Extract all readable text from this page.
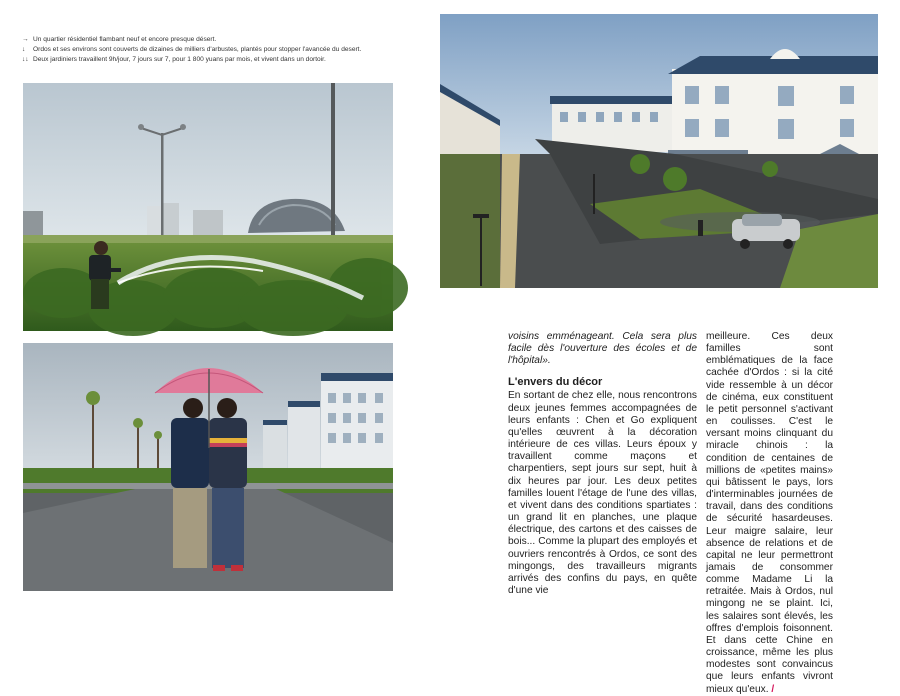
→ Un quartier résidentiel flambant neuf et encore presque désert.
↓ Ordos et ses environs sont couverts de dizaines de milliers d'arbustes, plantés pour stopper l'avancée du desert.
↓↓ Deux jardiniers travaillent 9h/jour, 7 jours sur 7, pour 1 800 yuans par mois, et vivent dans un dortoir.

voisins emménageant. Cela sera plus facile dès l'ouverture des écoles et de l'hôpital».

L'envers du décor

En sortant de chez elle, nous rencontrons deux jeunes femmes accompagnées de leurs enfants : Chen et Go expliquent qu'elles œuvrent à la décoration intérieure de ces villas. Leurs époux y travaillent comme maçons et charpentiers, sept jours sur sept, huit à dix heures par jour. Les deux petites familles louent l'étage de l'une des villas, et vivent dans des conditions spartiates : un grand lit en planches, une plaque électrique, des cartons et des caisses de bois... Comme la plupart des employés et ouvriers rencontrés à Ordos, ce sont des mingongs, des travailleurs migrants arrivés des confins du pays, en quête d'une vie

meilleure. Ces deux familles sont emblématiques de la face cachée d'Ordos : si la cité vide ressemble à un décor de cinéma, eux constituent le petit personnel s'activant en coulisses. C'est le versant moins clinquant du miracle chinois : la condition de centaines de millions de «petites mains» qui bâtissent le pays, lors d'interminables journées de travail, dans des conditions de sécurité hasardeuses. Leur maigre salaire, leur absence de relations et de capital ne leur permettront jamais de consommer comme Madame Li la retraitée. Mais à Ordos, nul mingong ne se plaint. Ici, les salaires sont élevés, les offres d'emplois foisonnent. Et dans cette Chine en croissance, même les plus modestes sont convaincus que leurs enfants vivront mieux qu'eux. /
